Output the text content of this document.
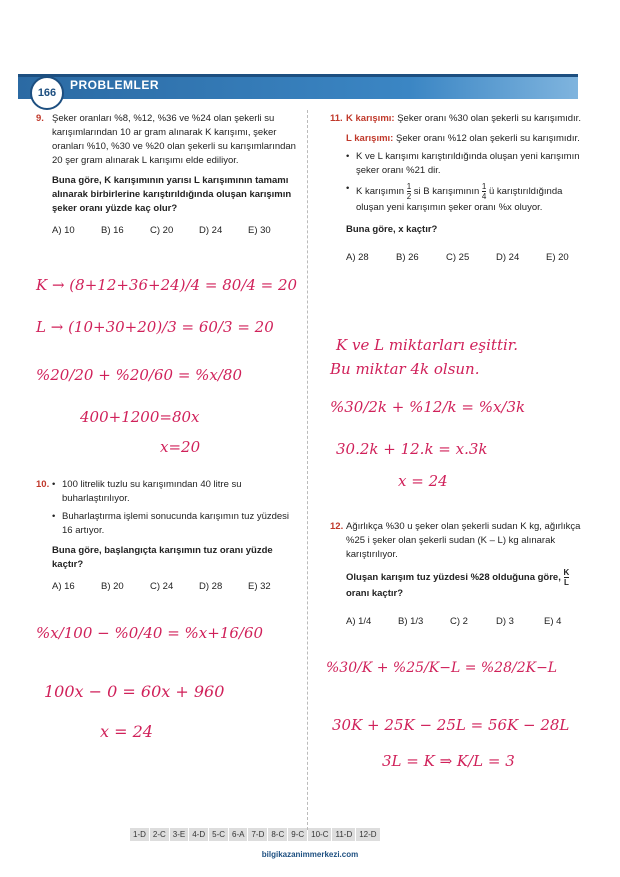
166
PROBLEMLER
9. Şeker oranları %8, %12, %36 ve %24 olan şekerli su karışımlarından 10 ar gram alınarak K karışımı, şeker oranları %10, %30 ve %20 olan şekerli su karışımlarından 20 şer gram alınarak L karışımı elde ediliyor.
Buna göre, K karışımının yarısı L karışımının tamamı alınarak birbirlerine karıştırıldığında oluşan karışımın şeker oranı yüzde kaç olur?
A) 10	B) 16	C) 20	D) 24	E) 30
K → (8+12+36+24)/4 = 80/4 = 20
L → (10+30+20)/3 = 60/3 = 20
%20/20 + %20/60 = %x/80
400+1200=80x
x=20
10.
•	100 litrelik tuzlu su karışımından 40 litre su buharlaştırılıyor.
• Buharlaştırma işlemi sonucunda karışımın tuz yüzdesi 16 artıyor.
Buna göre, başlangıçta karışımın tuz oranı yüzde kaçtır?
A) 16	B) 20	C) 24	D) 28	E) 32
%x/100 − %0/40 = %x+16/60
100x − 0 = 60x + 960
x = 24
11. K karışımı: Şeker oranı %30 olan şekerli su karışımıdır.
L karışımı: Şeker oranı %12 olan şekerli su karışımıdır.
• K ve L karışımı karıştırıldığında oluşan yeni karışımın şeker oranı %21 dir.
• K karışımın $\frac{1}{2}$ si B karışımının $\frac{1}{4}$ ü karıştırıldığında oluşan yeni karışımın şeker oranı %x oluyor.
Buna göre, x kaçtır?
A) 28	B) 26	C) 25	D) 24	E) 20
K ve L miktarları eşittir.
Bu miktar 4k olsun.
%30/2k + %12/k = %x/3k
30.2k + 12.k = x.3k
x = 24
12. Ağırlıkça %30 u şeker olan şekerli sudan K kg, ağırlıkça %25 i şeker olan şekerli sudan (K – L) kg alınarak karıştırılıyor.
Oluşan karışım tuz yüzdesi %28 olduğuna göre, $\frac{K}{L}$
oranı kaçtır?
A) 1/4	B) 1/3	C) 2	D) 3	E) 4
%30/K + %25/K−L = %28/2K−L
30K + 25K − 25L = 56K − 28L
3L = K ⇒ K/L = 3
1-D 2-C 3-E 4-D 5-C 6-A 7-D 8-C 9-C 10-C 11-D 12-D
bilgikazanimmerkezi.com
